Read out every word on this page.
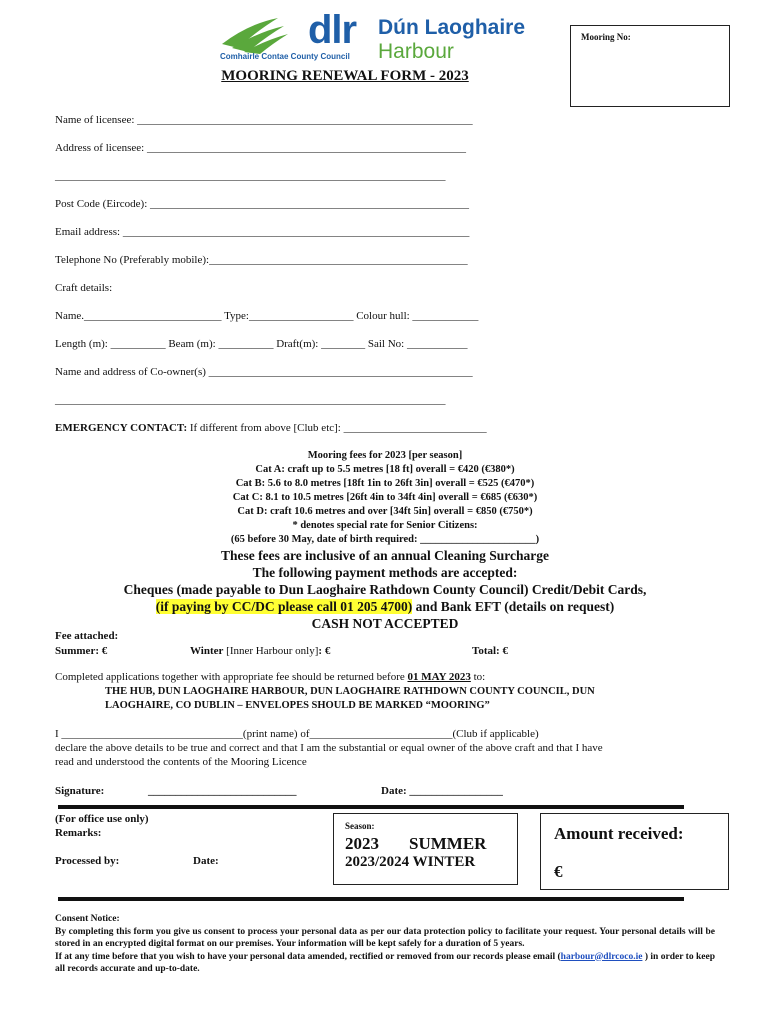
dlr
Comhairle Contae County Council
Dún Laoghaire
Harbour
Mooring No:
MOORING RENEWAL FORM - 2023
Name of licensee: _____________________________________________________________
Address of licensee: __________________________________________________________
_______________________________________________________________________
Post Code (Eircode): __________________________________________________________
Email address: _______________________________________________________________
Telephone No (Preferably mobile):_______________________________________________
Craft details:
Name._________________________ Type:___________________ Colour hull: ____________
Length (m): __________ Beam (m): __________ Draft(m): ________ Sail No: ___________
Name and address of Co-owner(s) ________________________________________________
_______________________________________________________________________
EMERGENCY CONTACT: If different from above [Club etc]: __________________________
Mooring fees for 2023 [per season]
Cat A: craft up to 5.5 metres [18 ft] overall = €420 (€380*)
Cat B: 5.6 to 8.0 metres [18ft 1in to 26ft 3in] overall = €525 (€470*)
Cat C: 8.1 to 10.5 metres [26ft 4in to 34ft 4in] overall = €685 (€630*)
Cat D: craft 10.6 metres and over [34ft 5in] overall = €850 (€750*)
* denotes special rate for Senior Citizens:
(65 before 30 May, date of birth required: ______________________)
These fees are inclusive of an annual Cleaning Surcharge
The following payment methods are accepted:
Cheques (made payable to Dun Laoghaire Rathdown County Council) Credit/Debit Cards,
(if paying by CC/DC please call 01 205 4700) and Bank EFT (details on request)
CASH NOT ACCEPTED
Fee attached:
Summer: €	Winter [Inner Harbour only]: €	Total: €
Completed applications together with appropriate fee should be returned before 01 MAY 2023 to:
THE HUB, DUN LAOGHAIRE HARBOUR, DUN LAOGHAIRE RATHDOWN COUNTY COUNCIL, DUN
LAOGHAIRE, CO DUBLIN – ENVELOPES SHOULD BE MARKED “MOORING”
I _________________________________(print name) of__________________________(Club if applicable)
declare the above details to be true and correct and that I am the substantial or equal owner of the above craft and that I have
read and understood the contents of the Mooring Licence
Signature:	___________________________	Date: _________________
(For office use only)
Remarks:
Processed by:	Date:
Season:
2023 SUMMER
2023/2024 WINTER
Amount received:
€
Consent Notice:
By completing this form you give us consent to process your personal data as per our data protection policy to facilitate your request. Your personal details will be stored in an encrypted digital format on our premises. Your information will be kept safely for a duration of 5 years.
If at any time before that you wish to have your personal data amended, rectified or removed from our records please email (harbour@dlrcoco.ie ) in order to keep all records accurate and up-to-date.
